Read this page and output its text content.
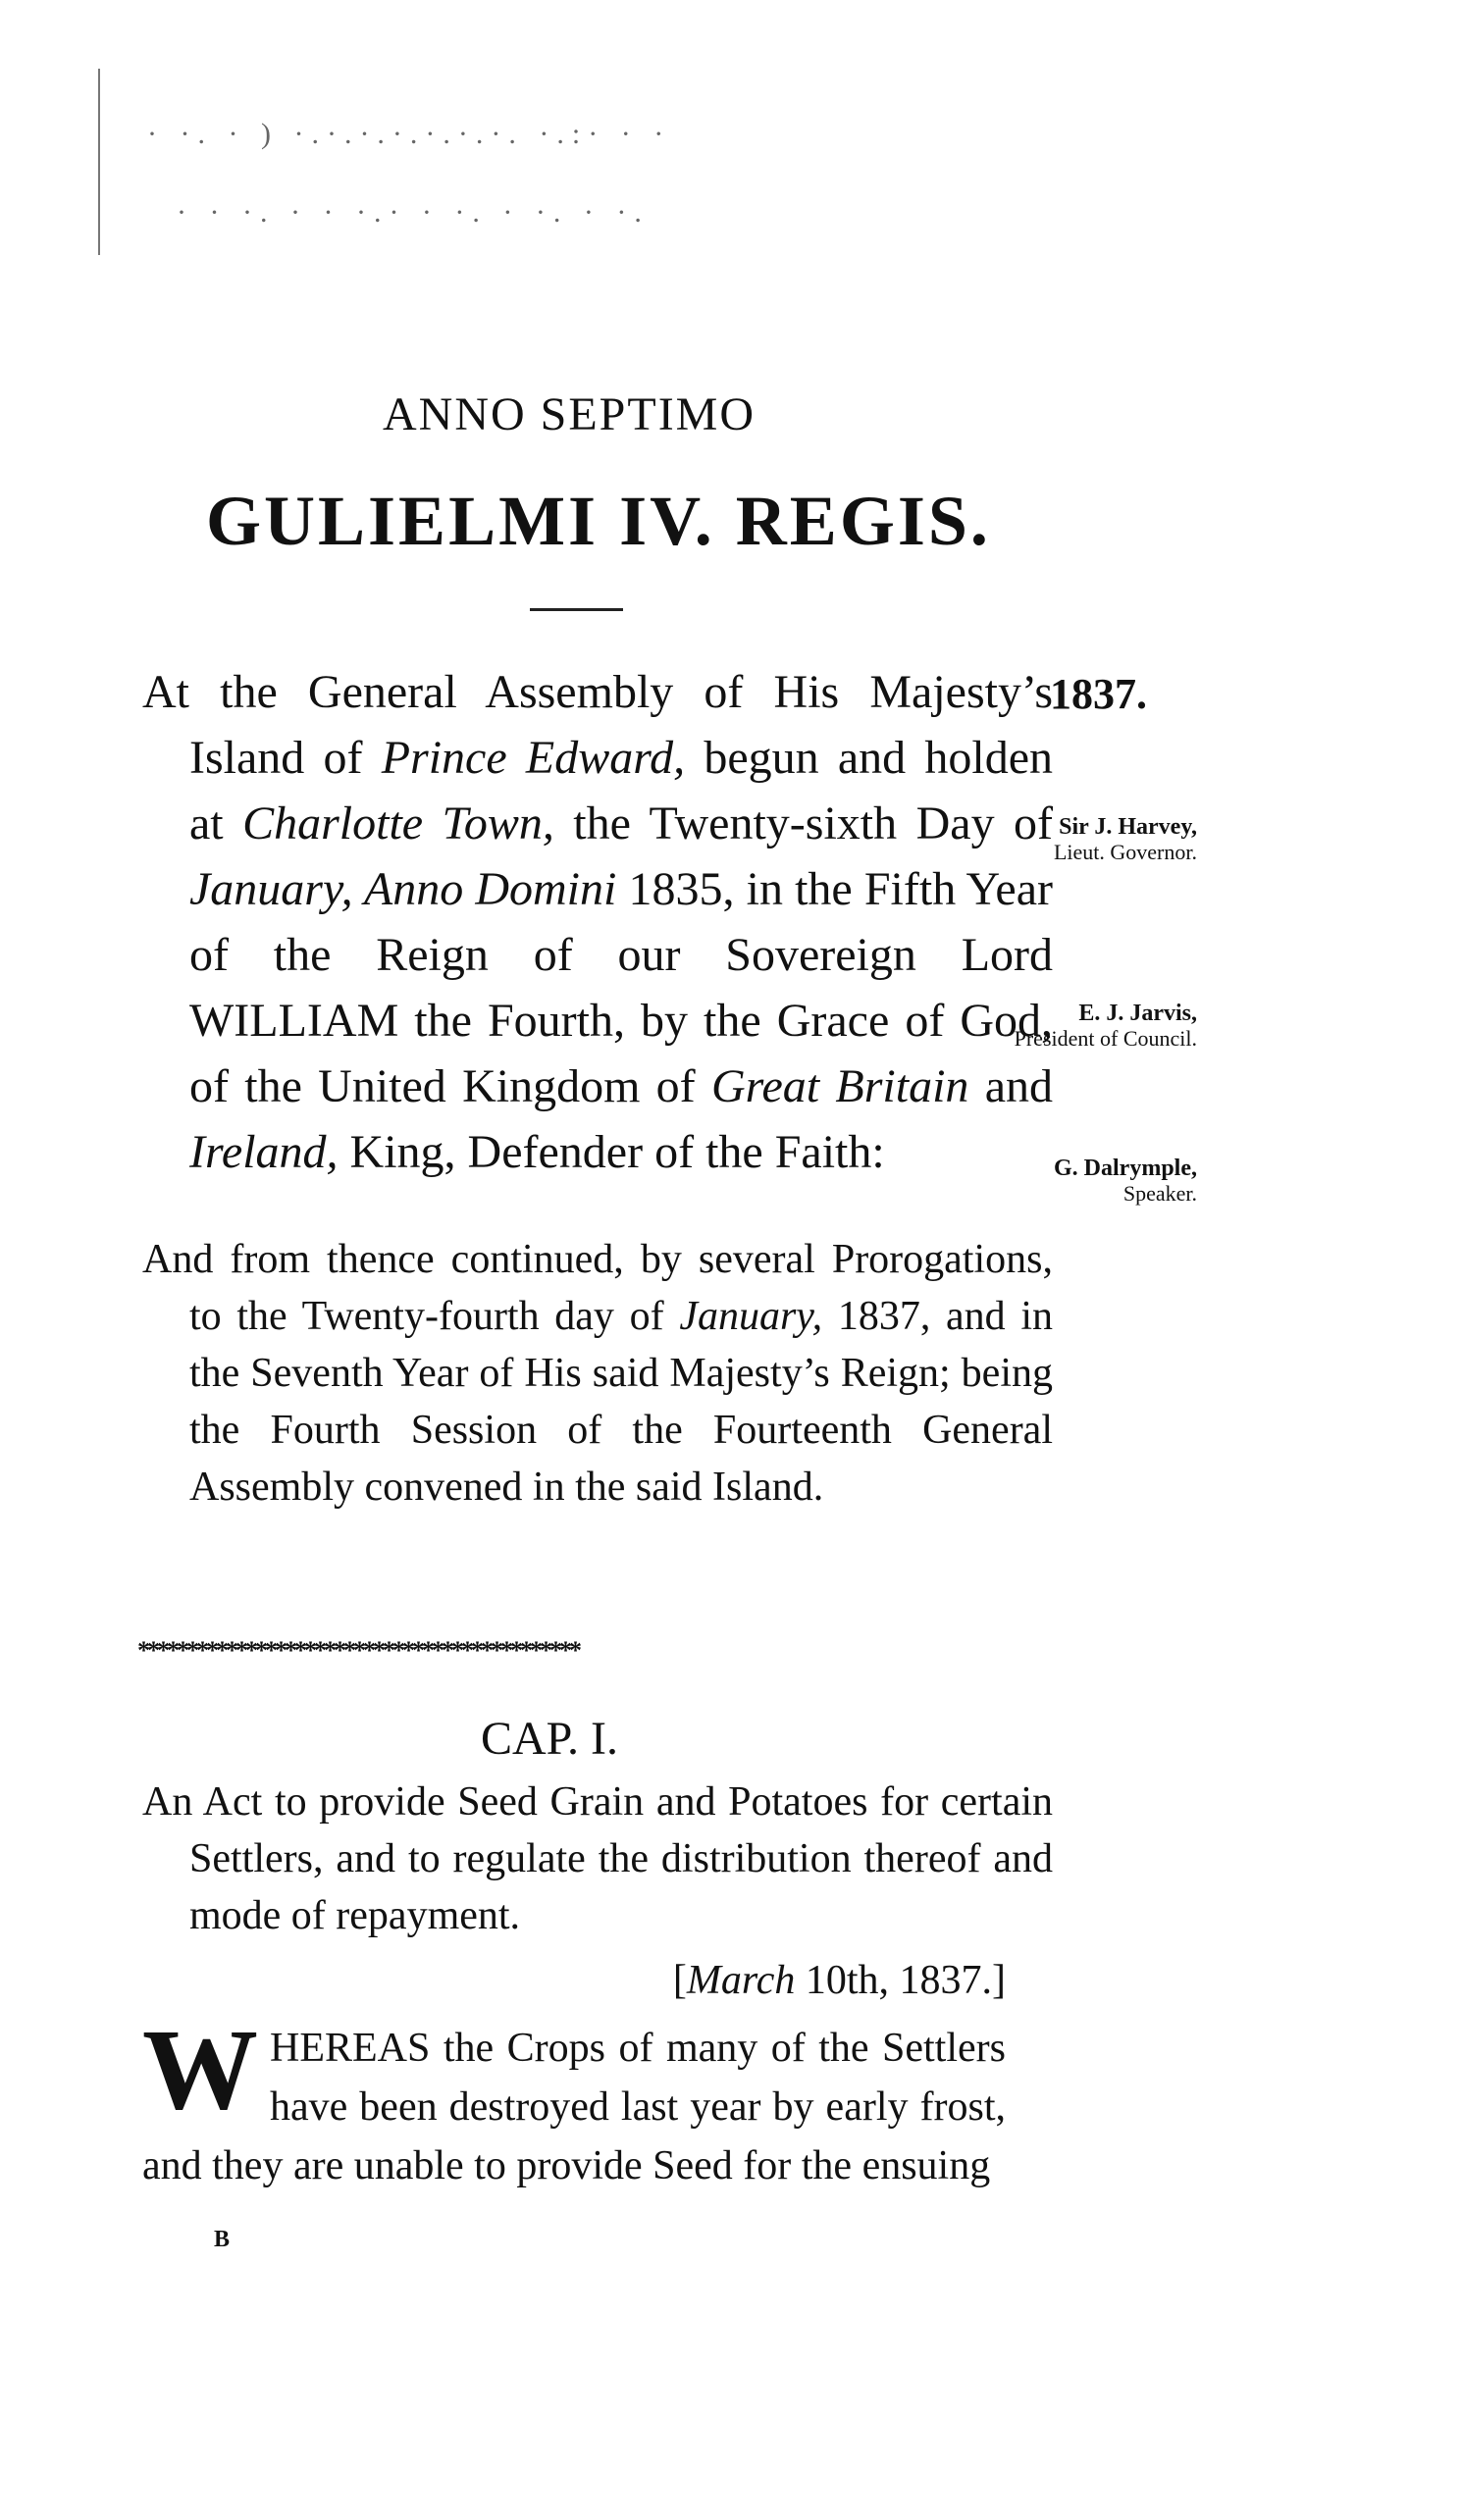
· ·. · ) ·.·.·.·.·.·.·. ·.:· · ·
· · ·. · · ·.· · ·. · ·. · ·.

ANNO SEPTIMO

GULIELMI IV. REGIS.

At the General Assembly of His Majesty’s Island of Prince Edward, begun and holden at Charlotte Town, the Twenty-sixth Day of January, Anno Domini 1835, in the Fifth Year of the Reign of our Sovereign Lord WILLIAM the Fourth, by the Grace of God, of the United Kingdom of Great Britain and Ireland, King, Defender of the Faith:

1837.

Sir J. Harvey,
Lieut. Governor.
E. J. Jarvis,
President of Council.
G. Dalrymple,
Speaker.

And from thence continued, by several Prorogations, to the Twenty-fourth day of January, 1837, and in the Seventh Year of His said Majesty’s Reign; being the Fourth Session of the Fourteenth General Assembly convened in the said Island.

*********************************************

CAP. I.

An Act to provide Seed Grain and Potatoes for certain Settlers, and to regulate the distribution thereof and mode of repayment.

[March 10th, 1837.]

WHEREAS the Crops of many of the Settlers have been destroyed last year by early frost, and they are unable to provide Seed for the ensuing

B
